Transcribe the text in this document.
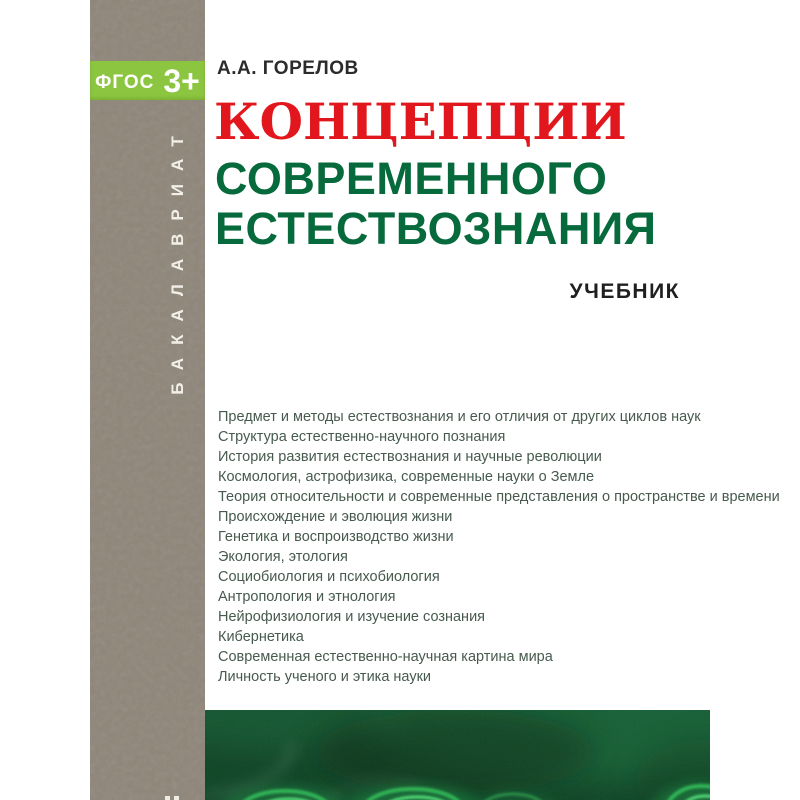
ФГОС 3+
БАКАЛАВРИАТ
А.А. ГОРЕЛОВ
КОНЦЕПЦИИ
СОВРЕМЕННОГО
ЕСТЕСТВОЗНАНИЯ
УЧЕБНИК
Предмет и методы естествознания и его отличия от других циклов наук
Структура естественно-научного познания
История развития естествознания и научные революции
Космология, астрофизика, современные науки о Земле
Теория относительности и современные представления о пространстве и времени
Происхождение и эволюция жизни
Генетика и воспроизводство жизни
Экология, этология
Социобиология и психобиология
Антропология и этнология
Нейрофизиология и изучение сознания
Кибернетика
Современная естественно-научная картина мира
Личность ученого и этика науки
